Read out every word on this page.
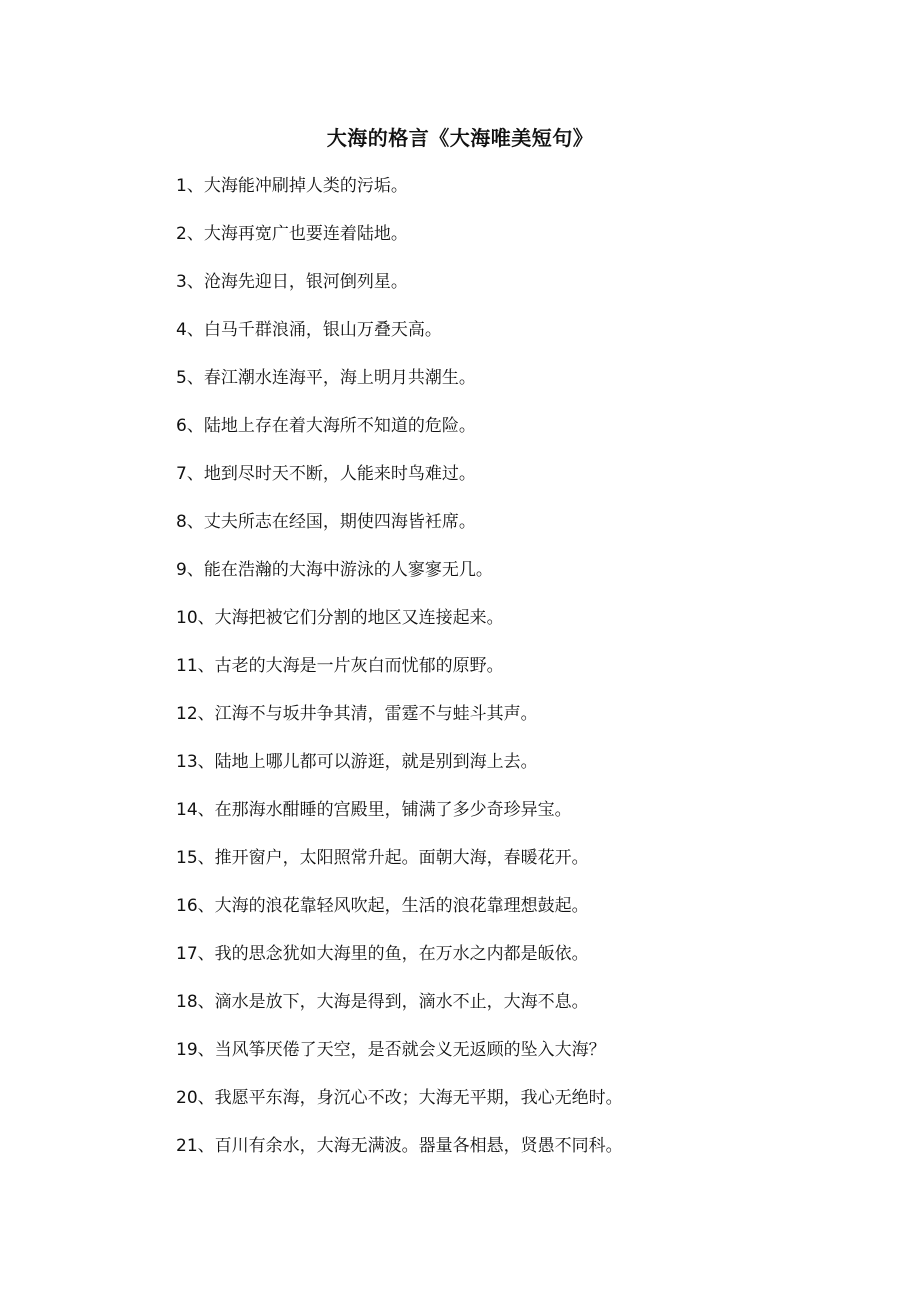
大海的格言《大海唯美短句》
1、大海能冲刷掉人类的污垢。
2、大海再宽广也要连着陆地。
3、沧海先迎日，银河倒列星。
4、白马千群浪涌，银山万叠天高。
5、春江潮水连海平，海上明月共潮生。
6、陆地上存在着大海所不知道的危险。
7、地到尽时天不断，人能来时鸟难过。
8、丈夫所志在经国，期使四海皆衽席。
9、能在浩瀚的大海中游泳的人寥寥无几。
10、大海把被它们分割的地区又连接起来。
11、古老的大海是一片灰白而忧郁的原野。
12、江海不与坂井争其清，雷霆不与蛙斗其声。
13、陆地上哪儿都可以游逛，就是别到海上去。
14、在那海水酣睡的宫殿里，铺满了多少奇珍异宝。
15、推开窗户，太阳照常升起。面朝大海，春暖花开。
16、大海的浪花靠轻风吹起，生活的浪花靠理想鼓起。
17、我的思念犹如大海里的鱼，在万水之内都是皈依。
18、滴水是放下，大海是得到，滴水不止，大海不息。
19、当风筝厌倦了天空，是否就会义无返顾的坠入大海？
20、我愿平东海，身沉心不改；大海无平期，我心无绝时。
21、百川有余水，大海无满波。器量各相悬，贤愚不同科。
